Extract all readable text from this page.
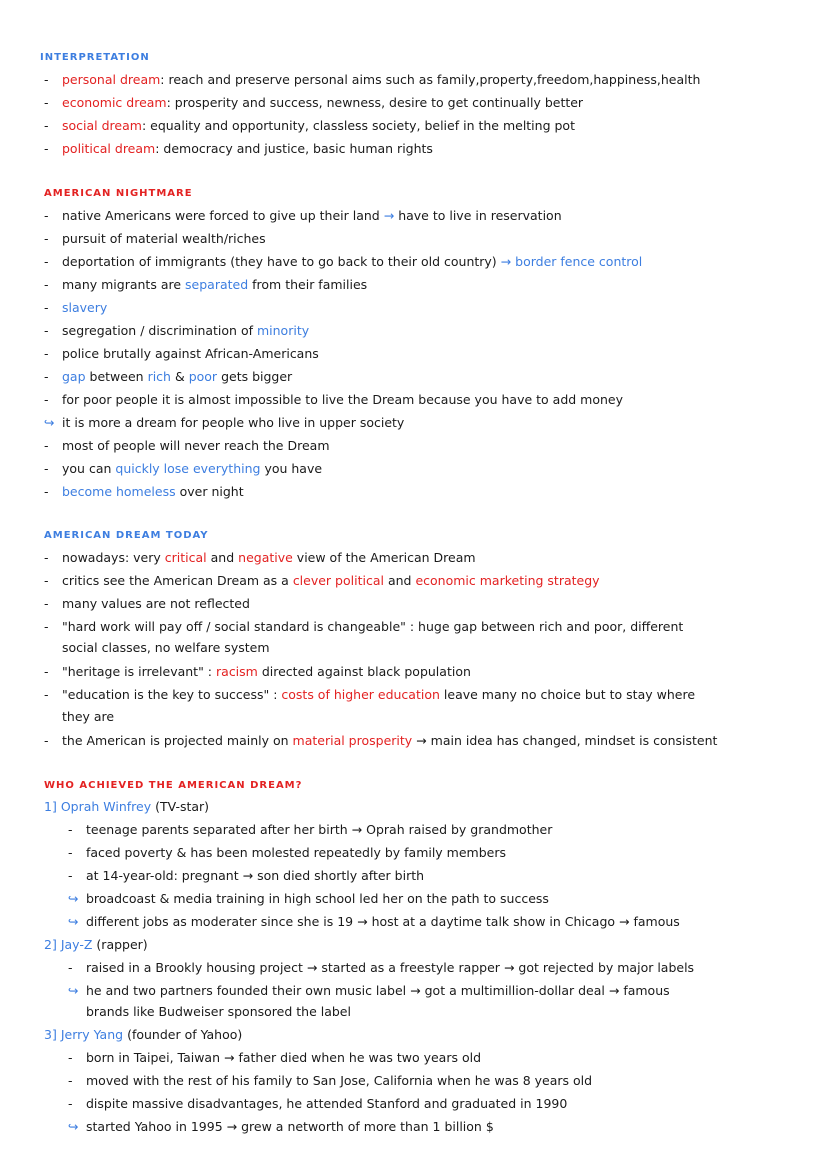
INTERPRETATION
- personal dream: reach and preserve personal aims such as family,property,freedom,happiness,health
- economic dream: prosperity and success, newness, desire to get continually better
- social dream: equality and opportunity, classless society, belief in the melting pot
- political dream: democracy and justice, basic human rights
AMERICAN NIGHTMARE
- native Americans were forced to give up their land → have to live in reservation
- pursuit of material wealth/riches
- deportation of immigrants (they have to go back to their old country) → border fence control
- many migrants are separated from their families
- slavery
- segregation / discrimination of minority
- police brutally against African-Americans
- gap between rich & poor gets bigger
- for poor people it is almost impossible to live the Dream because you have to add money
↪ it is more a dream for people who live in upper society
- most of people will never reach the Dream
- you can quickly lose everything you have
- become homeless over night
AMERICAN DREAM TODAY
- nowadays: very critical and negative view of the American Dream
- critics see the American Dream as a clever political and economic marketing strategy
- many values are not reflected
- "hard work will pay off / social standard is changeable" : huge gap between rich and poor, different
social classes, no welfare system
- "heritage is irrelevant" : racism directed against black population
- "education is the key to success" : costs of higher education leave many no choice but to stay where
they are
- the American is projected mainly on material prosperity → main idea has changed, mindset is consistent
WHO ACHIEVED THE AMERICAN DREAM?
1] Oprah Winfrey (TV-star)
- teenage parents separated after her birth → Oprah raised by grandmother
- faced poverty & has been molested repeatedly by family members
- at 14-year-old: pregnant → son died shortly after birth
↪ broadcoast & media training in high school led her on the path to success
↪ different jobs as moderater since she is 19 → host at a daytime talk show in Chicago → famous
2] Jay-Z (rapper)
- raised in a Brookly housing project → started as a freestyle rapper → got rejected by major labels
↪ he and two partners founded their own music label → got a multimillion-dollar deal → famous
brands like Budweiser sponsored the label
3] Jerry Yang (founder of Yahoo)
- born in Taipei, Taiwan → father died when he was two years old
- moved with the rest of his family to San Jose, California when he was 8 years old
- dispite massive disadvantages, he attended Stanford and graduated in 1990
↪ started Yahoo in 1995 → grew a networth of more than 1 billion $
